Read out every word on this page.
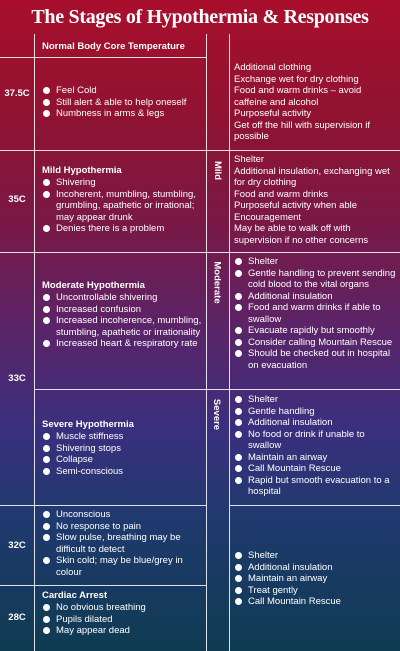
The Stages of Hypothermia & Responses
37.5C
35C
33C
32C
28C
Normal Body Core Temperature
Mild Hypothermia
Moderate Hypothermia
Severe Hypothermia
Cardiac Arrest
Feel Cold
Still alert & able to help oneself
Numbness in arms & legs
Shivering
Incoherent, mumbling, stumbling, grumbling, apathetic or irrational; may appear drunk
Denies there is a problem
Uncontrollable shivering
Increased confusion
Increased incoherence, mumbling, stumbling, apathetic or irrationality
Increased heart & respiratory rate
Muscle stiffness
Shivering stops
Collapse
Semi-conscious
Unconscious
No response to pain
Slow pulse, breathing may be difficult to detect
Skin cold; may be blue/grey in colour
No obvious breathing
Pupils dilated
May appear dead
Mild
Moderate
Severe
Additional clothing
Exchange wet for dry clothing
Food and warm drinks – avoid caffeine and alcohol
Purposeful activity
Get off the hill with supervision if possible
Shelter
Additional insulation, exchanging wet for dry clothing
Food and warm drinks
Purposeful activity when able
Encouragement
May be able to walk off with supervision if no other concerns
Shelter
Gentle handling to prevent sending cold blood to the vital organs
Additional insulation
Food and warm drinks if able to swallow
Evacuate rapidly but smoothly
Consider calling Mountain Rescue
Should be checked out in hospital on evacuation
Shelter
Gentle handling
Additional insulation
No food or drink if unable to swallow
Maintain an airway
Call Mountain Rescue
Rapid but smooth evacuation to a hospital
Shelter
Additional insulation
Maintain an airway
Treat gently
Call Mountain Rescue
